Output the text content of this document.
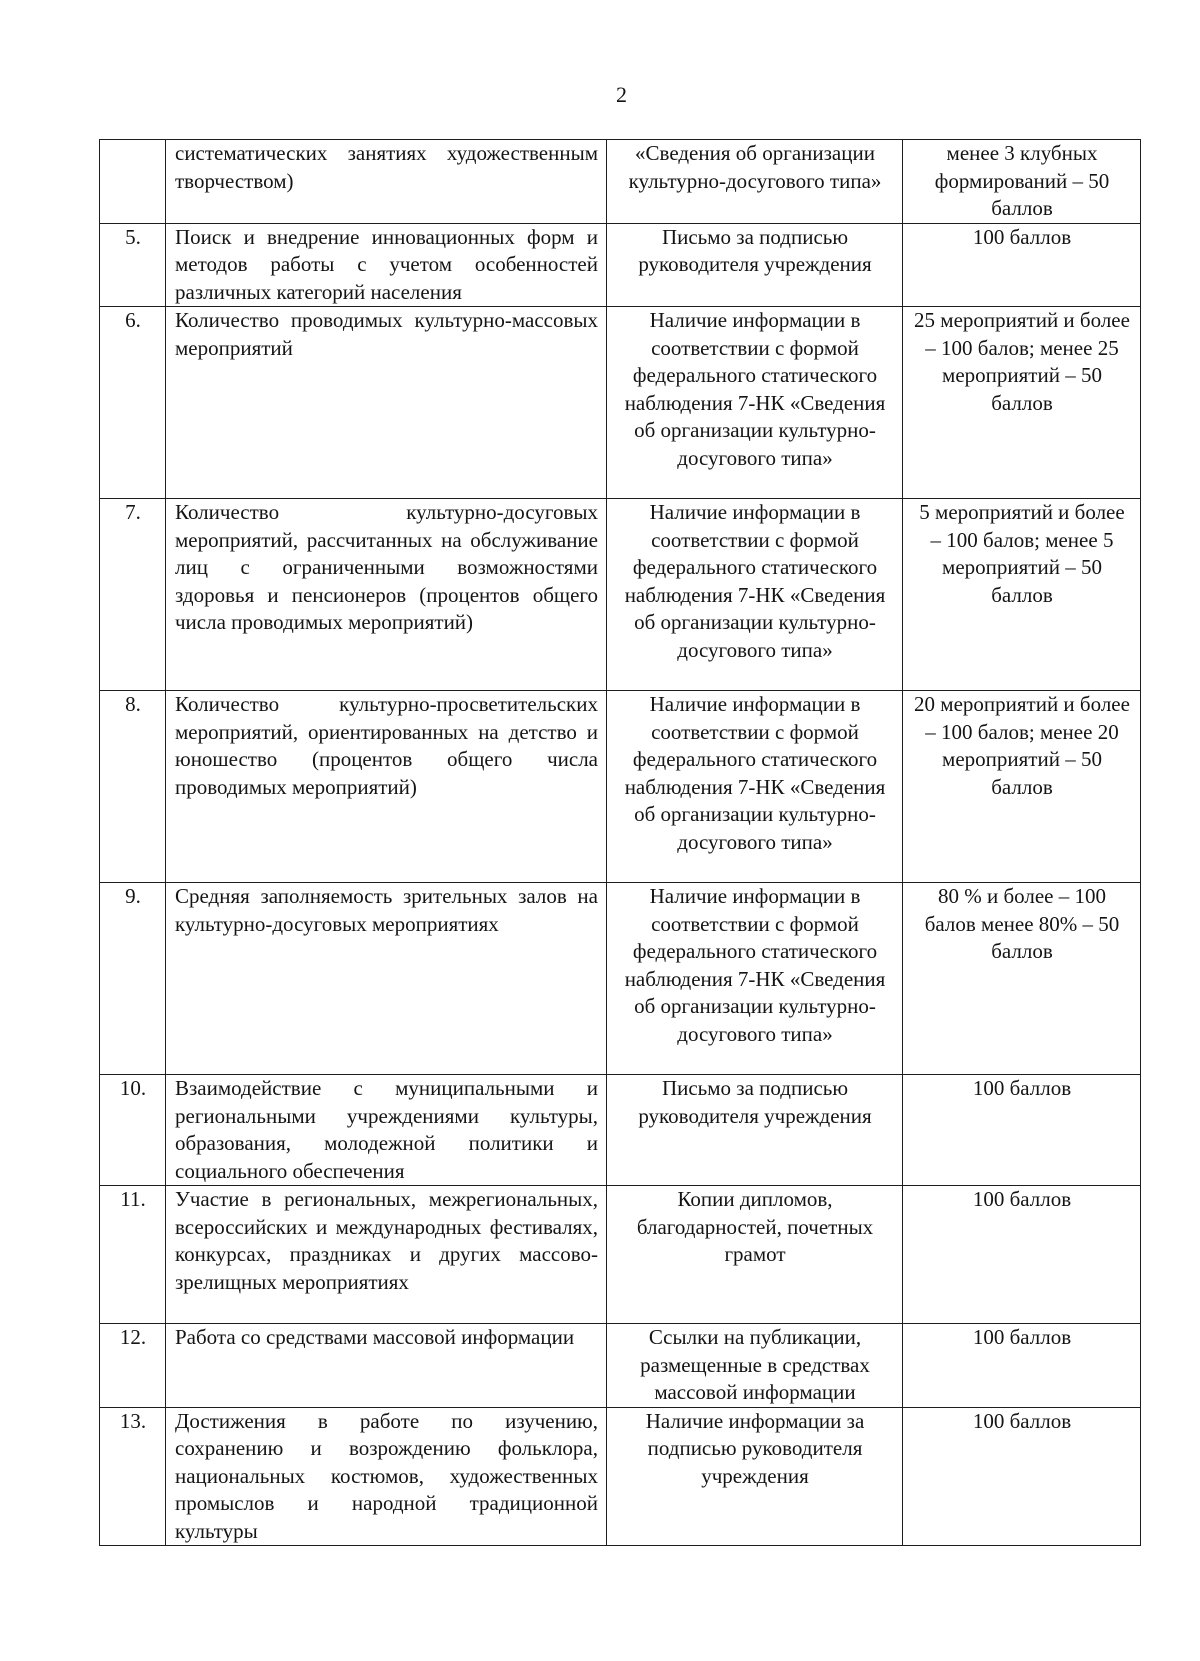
2
	систематических занятиях художественным творчеством)	«Сведения об организации культурно-досугового типа»	менее 3 клубных формирований – 50 баллов
5.	Поиск и внедрение инновационных форм и методов работы с учетом особенностей различных категорий населения	Письмо за подписью руководителя учреждения	100 баллов
6.	Количество проводимых культурно-массовых мероприятий	Наличие информации в соответствии с формой федерального статического наблюдения 7-НК «Сведения об организации культурно-досугового типа»	25 мероприятий и более – 100 балов; менее 25 мероприятий – 50 баллов
7.	Количество культурно-досуговых мероприятий, рассчитанных на обслуживание лиц с ограниченными возможностями здоровья и пенсионеров (процентов общего числа проводимых мероприятий)	Наличие информации в соответствии с формой федерального статического наблюдения 7-НК «Сведения об организации культурно-досугового типа»	5 мероприятий и более – 100 балов; менее 5 мероприятий – 50 баллов
8.	Количество культурно-просветительских мероприятий, ориентированных на детство и юношество (процентов общего числа проводимых мероприятий)	Наличие информации в соответствии с формой федерального статического наблюдения 7-НК «Сведения об организации культурно-досугового типа»	20 мероприятий и более – 100 балов; менее 20 мероприятий – 50 баллов
9.	Средняя заполняемость зрительных залов на культурно-досуговых мероприятиях	Наличие информации в соответствии с формой федерального статического наблюдения 7-НК «Сведения об организации культурно-досугового типа»	80 % и более – 100 балов менее 80% – 50 баллов
10.	Взаимодействие с муниципальными и региональными учреждениями культуры, образования, молодежной политики и социального обеспечения	Письмо за подписью руководителя учреждения	100 баллов
11.	Участие в региональных, межрегиональных, всероссийских и международных фестивалях, конкурсах, праздниках и других массово-зрелищных мероприятиях	Копии дипломов, благодарностей, почетных грамот	100 баллов
12.	Работа со средствами массовой информации	Ссылки на публикации, размещенные в средствах массовой информации	100 баллов
13.	Достижения в работе по изучению, сохранению и возрождению фольклора, национальных костюмов, художественных промыслов и народной традиционной культуры	Наличие информации за подписью руководителя учреждения	100 баллов
